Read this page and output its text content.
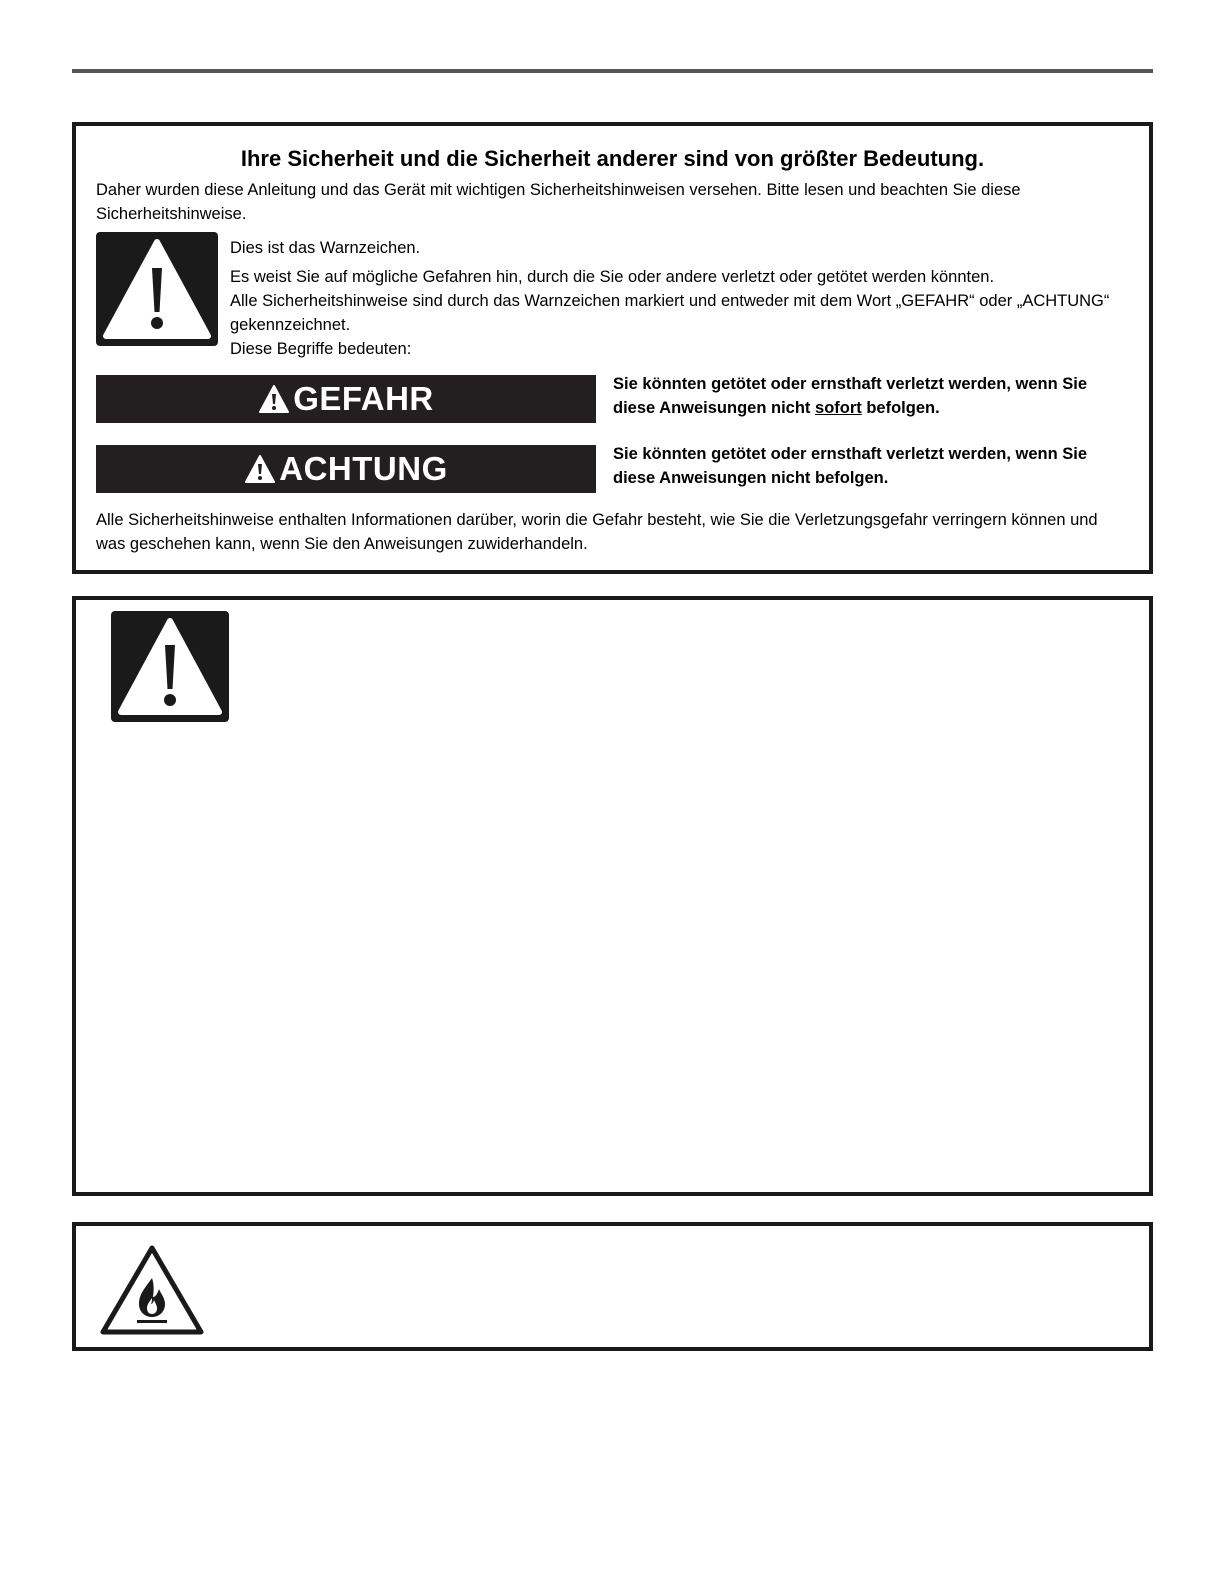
Ihre Sicherheit und die Sicherheit anderer sind von größter Bedeutung.
Daher wurden diese Anleitung und das Gerät mit wichtigen Sicherheitshinweisen versehen. Bitte lesen und beachten Sie diese Sicherheitshinweise.

Dies ist das Warnzeichen.

Es weist Sie auf mögliche Gefahren hin, durch die Sie oder andere verletzt oder getötet werden könnten.

Alle Sicherheitshinweise sind durch das Warnzeichen markiert und entweder mit dem Wort „GEFAHR“ oder „ACHTUNG“ gekennzeichnet.

Diese Begriffe bedeuten:

GEFAHR	Sie könnten getötet oder ernsthaft verletzt werden, wenn Sie diese Anweisungen nicht sofort befolgen.
ACHTUNG	Sie könnten getötet oder ernsthaft verletzt werden, wenn Sie diese Anweisungen nicht befolgen.
Alle Sicherheitshinweise enthalten Informationen darüber, worin die Gefahr besteht, wie Sie die Verletzungsgefahr verringern können und was geschehen kann, wenn Sie den Anweisungen zuwiderhandeln.
